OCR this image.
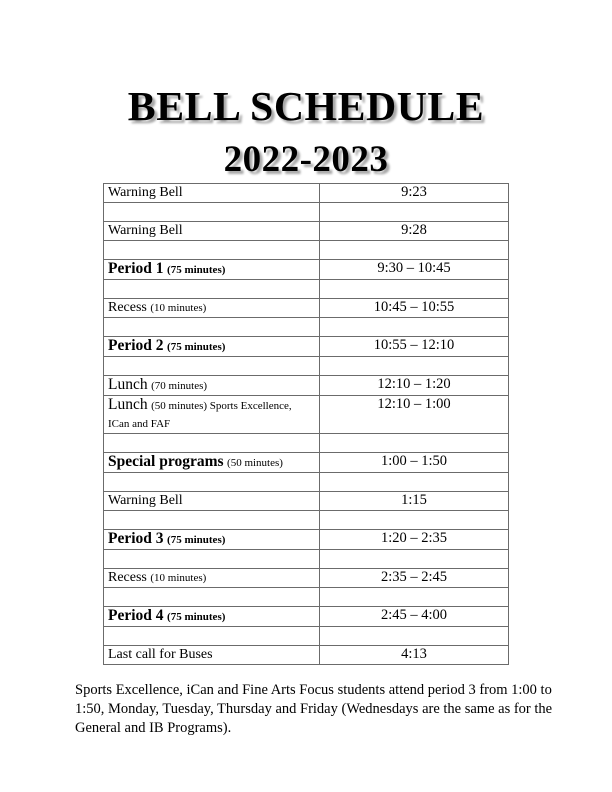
BELL SCHEDULE
2022-2023
Warning Bell	9:23

Warning Bell	9:28

Period 1 (75 minutes)	9:30 – 10:45

Recess (10 minutes)	10:45 – 10:55

Period 2 (75 minutes)	10:55 – 12:10

Lunch (70 minutes)	12:10 – 1:20
Lunch (50 minutes) Sports Excellence, ICan and FAF	12:10 – 1:00

Special programs (50 minutes)	1:00 – 1:50

Warning Bell	1:15

Period 3 (75 minutes)	1:20 – 2:35

Recess (10 minutes)	2:35 – 2:45

Period 4 (75 minutes)	2:45 – 4:00

Last call for Buses	4:13

Sports Excellence, iCan and Fine Arts Focus students attend period 3 from 1:00 to 1:50, Monday, Tuesday, Thursday and Friday (Wednesdays are the same as for the General and IB Programs).
